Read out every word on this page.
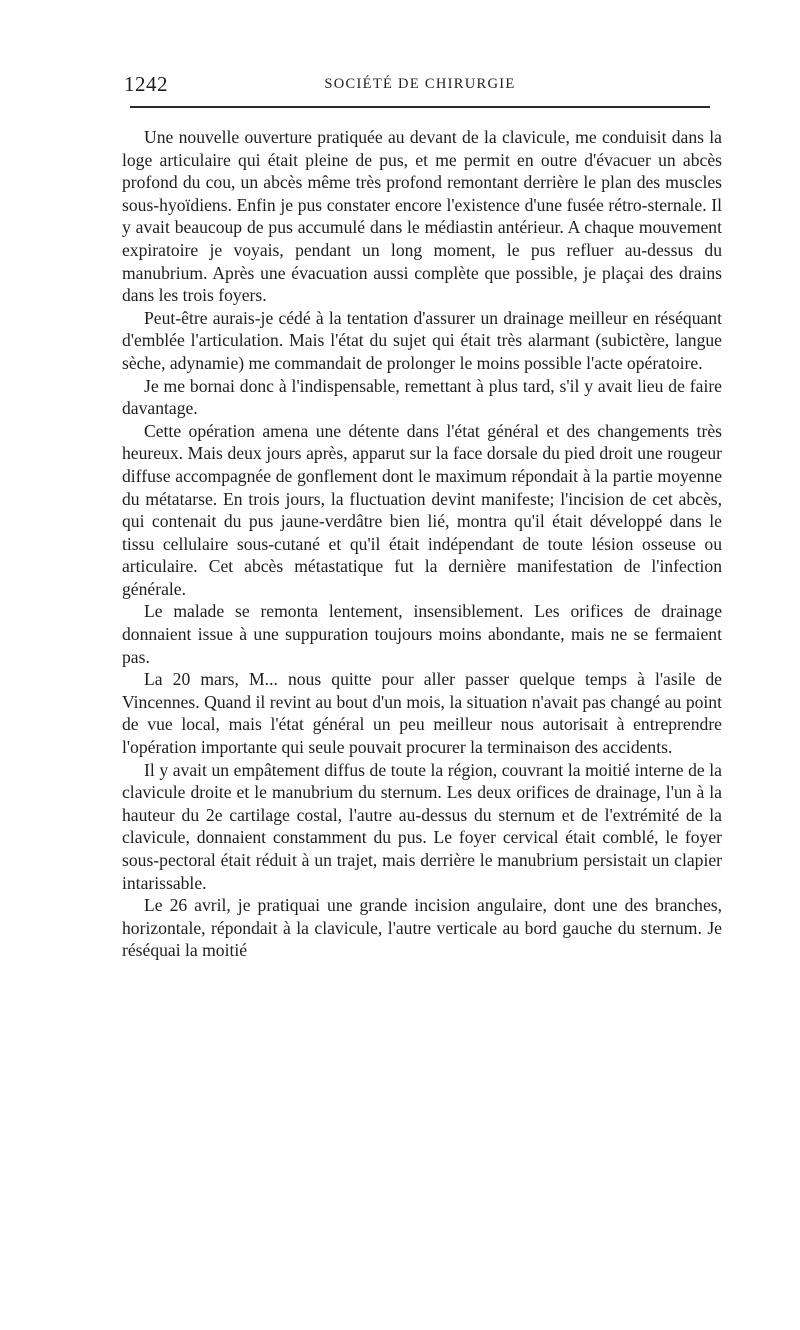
1242	SOCIÉTÉ DE CHIRURGIE

Une nouvelle ouverture pratiquée au devant de la clavicule, me conduisit dans la loge articulaire qui était pleine de pus, et me permit en outre d'évacuer un abcès profond du cou, un abcès même très profond remontant derrière le plan des muscles sous-hyoïdiens. Enfin je pus constater encore l'existence d'une fusée rétro-sternale. Il y avait beaucoup de pus accumulé dans le médiastin antérieur. A chaque mouvement expiratoire je voyais, pendant un long moment, le pus refluer au-dessus du manubrium. Après une évacuation aussi complète que possible, je plaçai des drains dans les trois foyers.

Peut-être aurais-je cédé à la tentation d'assurer un drainage meilleur en réséquant d'emblée l'articulation. Mais l'état du sujet qui était très alarmant (subictère, langue sèche, adynamie) me commandait de prolonger le moins possible l'acte opératoire.

Je me bornai donc à l'indispensable, remettant à plus tard, s'il y avait lieu de faire davantage.

Cette opération amena une détente dans l'état général et des changements très heureux. Mais deux jours après, apparut sur la face dorsale du pied droit une rougeur diffuse accompagnée de gonflement dont le maximum répondait à la partie moyenne du métatarse. En trois jours, la fluctuation devint manifeste; l'incision de cet abcès, qui contenait du pus jaune-verdâtre bien lié, montra qu'il était développé dans le tissu cellulaire sous-cutané et qu'il était indépendant de toute lésion osseuse ou articulaire. Cet abcès métastatique fut la dernière manifestation de l'infection générale.

Le malade se remonta lentement, insensiblement. Les orifices de drainage donnaient issue à une suppuration toujours moins abondante, mais ne se fermaient pas.

La 20 mars, M... nous quitte pour aller passer quelque temps à l'asile de Vincennes. Quand il revint au bout d'un mois, la situation n'avait pas changé au point de vue local, mais l'état général un peu meilleur nous autorisait à entreprendre l'opération importante qui seule pouvait procurer la terminaison des accidents.

Il y avait un empâtement diffus de toute la région, couvrant la moitié interne de la clavicule droite et le manubrium du sternum. Les deux orifices de drainage, l'un à la hauteur du 2e cartilage costal, l'autre au-dessus du sternum et de l'extrémité de la clavicule, donnaient constamment du pus. Le foyer cervical était comblé, le foyer sous-pectoral était réduit à un trajet, mais derrière le manubrium persistait un clapier intarissable.

Le 26 avril, je pratiquai une grande incision angulaire, dont une des branches, horizontale, répondait à la clavicule, l'autre verticale au bord gauche du sternum. Je réséquai la moitié
